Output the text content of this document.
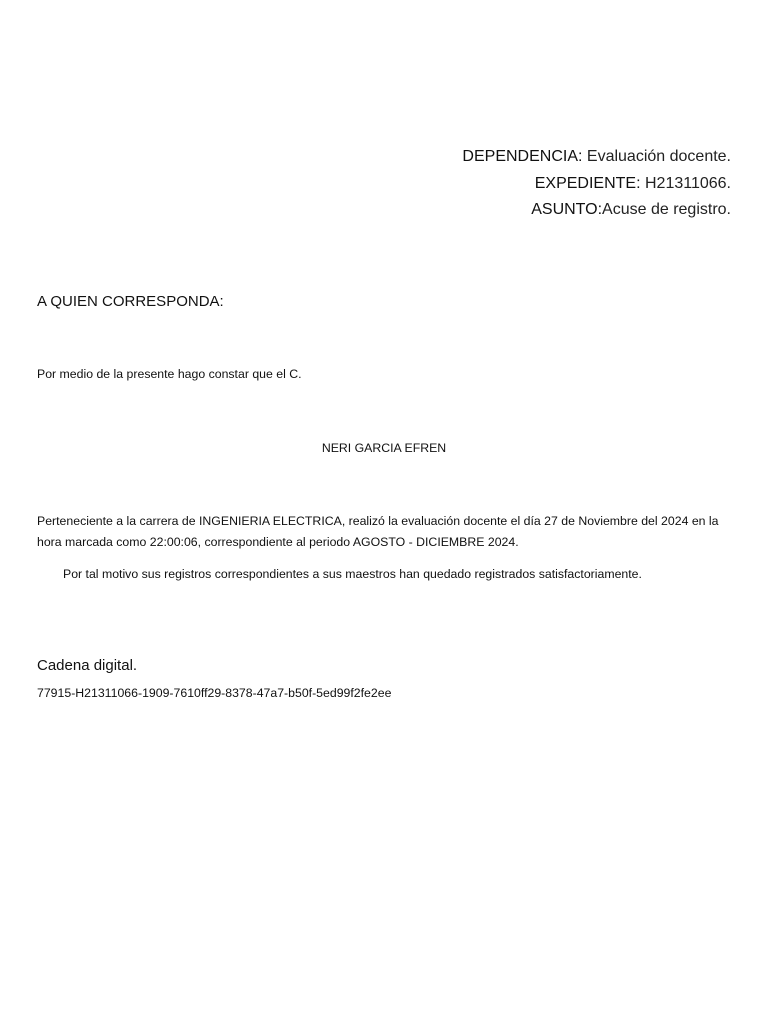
DEPENDENCIA: Evaluación docente.
EXPEDIENTE: H21311066.
ASUNTO:Acuse de registro.
A QUIEN CORRESPONDA:
Por medio de la presente hago constar que el C.
NERI GARCIA EFREN
Perteneciente a la carrera de INGENIERIA ELECTRICA, realizó la evaluación docente el día 27 de Noviembre del 2024 en la hora marcada como 22:00:06, correspondiente al periodo AGOSTO - DICIEMBRE 2024.
Por tal motivo sus registros correspondientes a sus maestros han quedado registrados satisfactoriamente.
Cadena digital.
77915-H21311066-1909-7610ff29-8378-47a7-b50f-5ed99f2fe2ee
